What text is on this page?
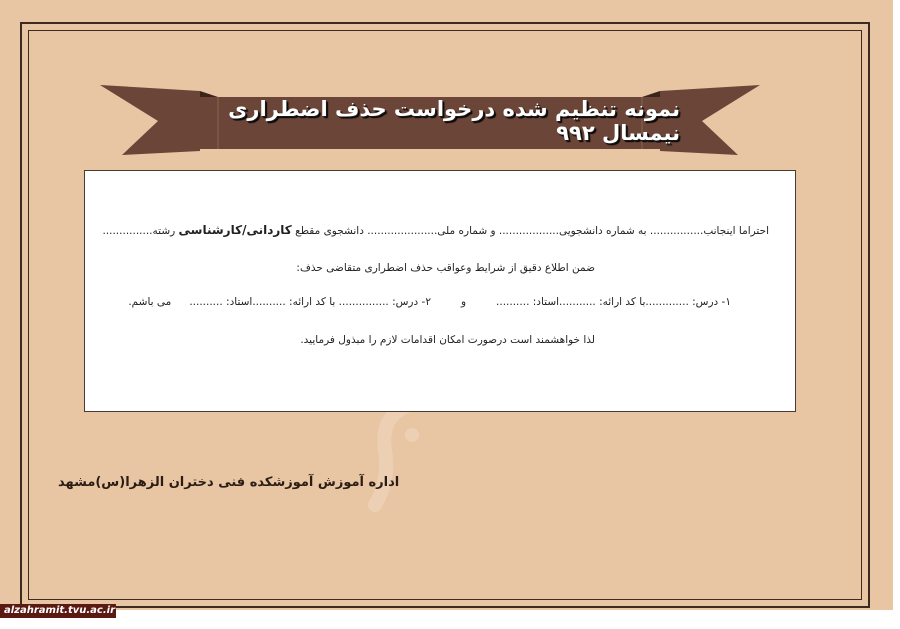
نمونه تنظیم شده درخواست حذف اضطراری نیمسال ۹۹۲
احتراما اینجانب................ به شماره دانشجویی.................. و شماره ملی..................... دانشجوی مقطع کاردانی/کارشناسی رشته...............
ضمن اطلاع دقیق از شرایط وعواقب حذف اضطراری متقاضی حذف:
۱- درس: .............با کد ارائه: ...........استاد: ..........و۲- درس: ............... با کد ارائه: ..........استاد: ..........می باشم.
لذا خواهشمند است درصورت امکان اقدامات لازم را مبذول فرمایید.
اداره آموزش آموزشکده فنی دختران الزهرا(س)مشهد
alzahramit.tvu.ac.ir
